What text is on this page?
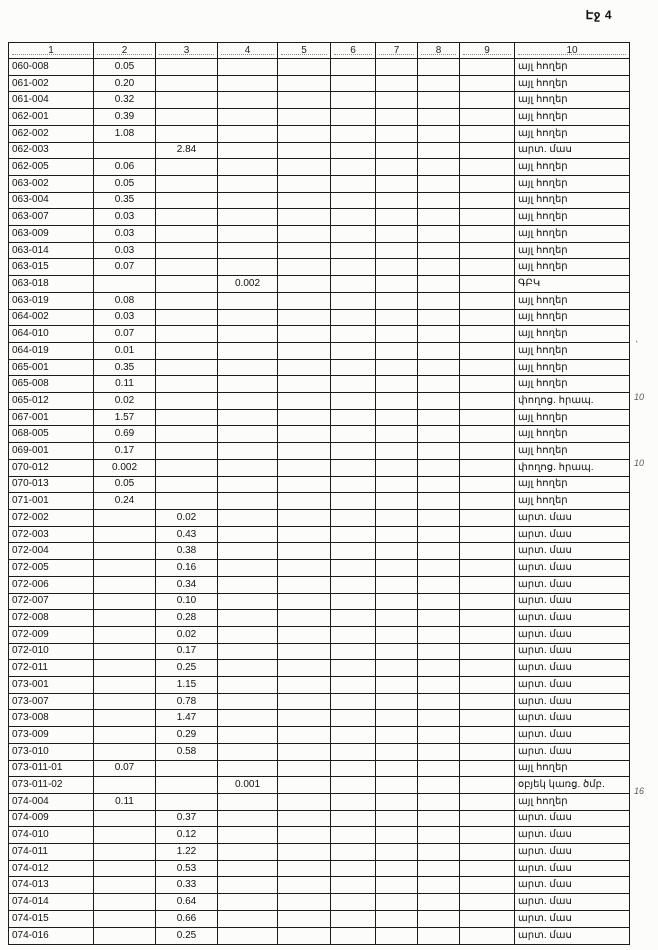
Էջ 4
1	2	3	4	5	6	7	8	9	10
060-008	0.05								այլ հողեր
061-002	0.20								այլ հողեր
061-004	0.32								այլ հողեր
062-001	0.39								այլ հողեր
062-002	1.08								այլ հողեր
062-003		2.84							արտ. մաս
062-005	0.06								այլ հողեր
063-002	0.05								այլ հողեր
063-004	0.35								այլ հողեր
063-007	0.03								այլ հողեր
063-009	0.03								այլ հողեր
063-014	0.03								այլ հողեր
063-015	0.07								այլ հողեր
063-018			0.002						ԳԲԿ
063-019	0.08								այլ հողեր
064-002	0.03								այլ հողեր
064-010	0.07								այլ հողեր
064-019	0.01								այլ հողեր
065-001	0.35								այլ հողեր
065-008	0.11								այլ հողեր
065-012	0.02								փողոց. հրապ.
067-001	1.57								այլ հողեր
068-005	0.69								այլ հողեր
069-001	0.17								այլ հողեր
070-012	0.002								փողոց. հրապ.
070-013	0.05								այլ հողեր
071-001	0.24								այլ հողեր
072-002		0.02							արտ. մաս
072-003		0.43							արտ. մաս
072-004		0.38							արտ. մաս
072-005		0.16							արտ. մաս
072-006		0.34							արտ. մաս
072-007		0.10							արտ. մաս
072-008		0.28							արտ. մաս
072-009		0.02							արտ. մաս
072-010		0.17							արտ. մաս
072-011		0.25							արտ. մաս
073-001		1.15							արտ. մաս
073-007		0.78							արտ. մաս
073-008		1.47							արտ. մաս
073-009		0.29							արտ. մաս
073-010		0.58							արտ. մաս
073-011-01	0.07								այլ հողեր
073-011-02			0.001						օբյեկ կառց. ծմբ.
074-004	0.11								այլ հողեր
074-009		0.37							արտ. մաս
074-010		0.12							արտ. մաս
074-011		1.22							արտ. մաս
074-012		0.53							արտ. մաս
074-013		0.33							արտ. մաս
074-014		0.64							արտ. մաս
074-015		0.66							արտ. մաս
074-016		0.25							արտ. մաս
՝
10
10
16
